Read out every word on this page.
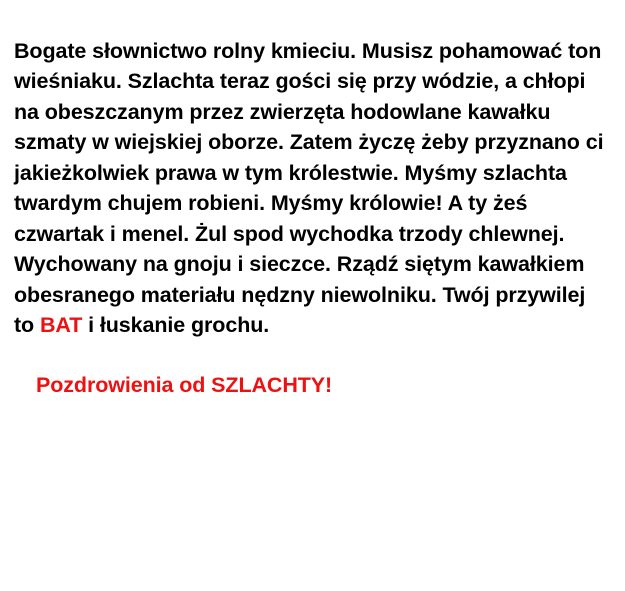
Bogate słownictwo rolny kmieciu. Musisz pohamować ton wieśniaku. Szlachta teraz gości się przy wódzie, a chłopi na obeszczanym przez zwierzęta hodowlane kawałku szmaty w wiejskiej oborze. Zatem życzę żeby przyznano ci jakieżkolwiek prawa w tym królestwie. Myśmy szlachta twardym chujem robieni. Myśmy królowie! A ty żeś czwartak i menel. Żul spod wychodka trzody chlewnej. Wychowany na gnoju i sieczce. Rządź siętym kawałkiem obesranego materiału nędzny niewolniku. Twój przywilej to BAT i łuskanie grochu.

Pozdrowienia od SZLACHTY!
